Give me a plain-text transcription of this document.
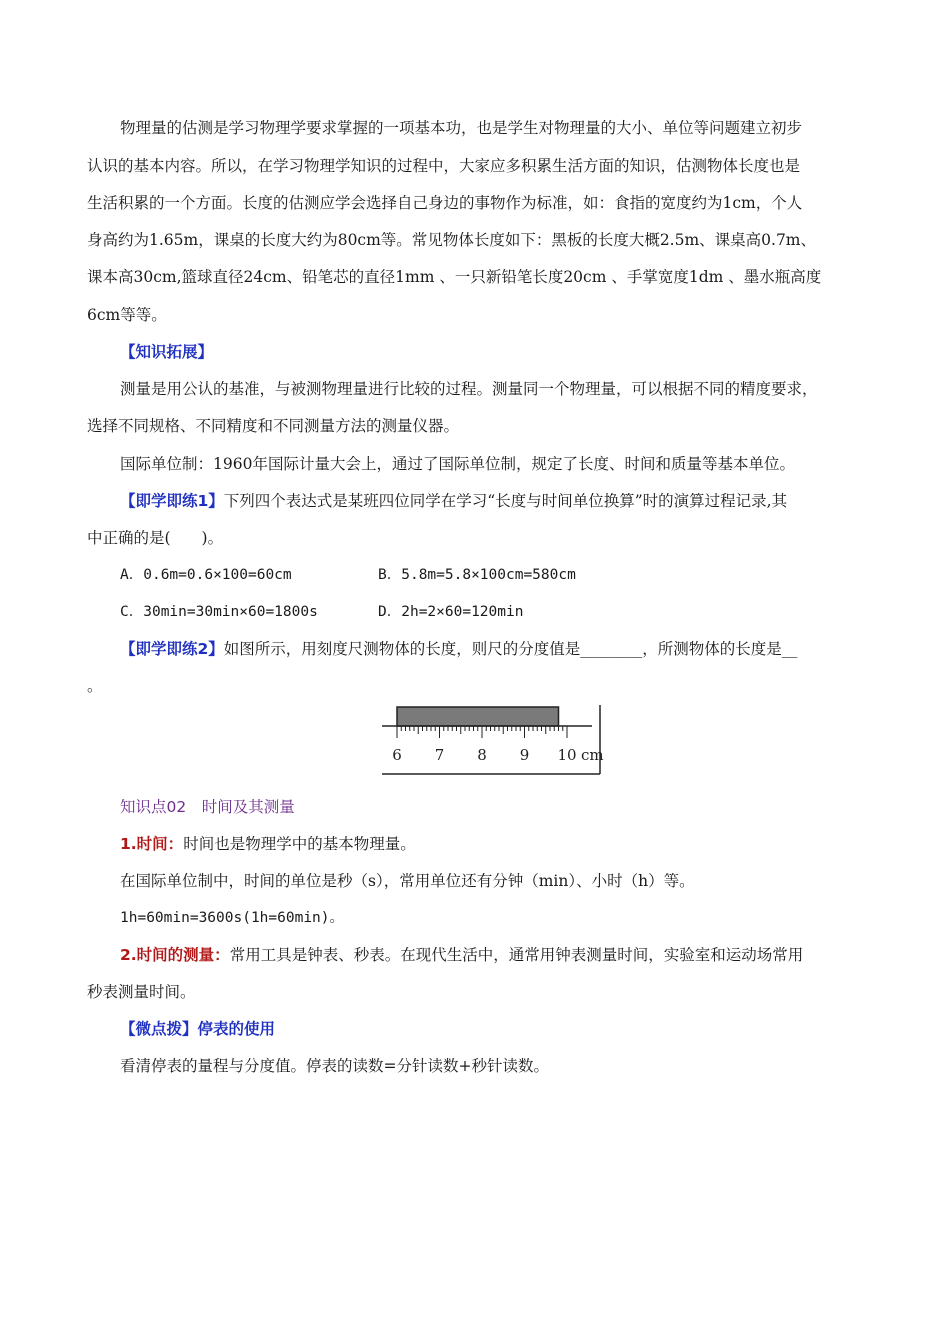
物理量的估测是学习物理学要求掌握的一项基本功，也是学生对物理量的大小、单位等问题建立初步
认识的基本内容。所以，在学习物理学知识的过程中，大家应多积累生活方面的知识，估测物体长度也是
生活积累的一个方面。长度的估测应学会选择自己身边的事物作为标准，如：食指的宽度约为1cm，个人
身高约为1.65m，课桌的长度大约为80cm等。常见物体长度如下：黑板的长度大概2.5m、课桌高0.7m、
课本高30cm,篮球直径24cm、铅笔芯的直径1mm 、一只新铅笔长度20cm 、手掌宽度1dm 、墨水瓶高度
6cm等等。
【知识拓展】
测量是用公认的基准，与被测物理量进行比较的过程。测量同一个物理量，可以根据不同的精度要求，
选择不同规格、不同精度和不同测量方法的测量仪器。
国际单位制：1960年国际计量大会上，通过了国际单位制，规定了长度、时间和质量等基本单位。
【即学即练1】下列四个表达式是某班四位同学在学习“长度与时间单位换算”时的演算过程记录,其
中正确的是(　　)。
A．0.6m=0.6×100=60cm	B．5.8m=5.8×100cm=580cm
C．30min=30min×60=1800s	D．2h=2×60=120min
【即学即练2】如图所示，用刻度尺测物体的长度，则尺的分度值是________，所测物体的长度是__
。
6 7 8 9 10 cm
知识点02　时间及其测量
1.时间：时间也是物理学中的基本物理量。
在国际单位制中，时间的单位是秒（s），常用单位还有分钟（min）、小时（h）等。
1h=60min=3600s(1h=60min)。
2.时间的测量：常用工具是钟表、秒表。在现代生活中，通常用钟表测量时间，实验室和运动场常用
秒表测量时间。
【微点拨】停表的使用
看清停表的量程与分度值。停表的读数=分针读数+秒针读数。
